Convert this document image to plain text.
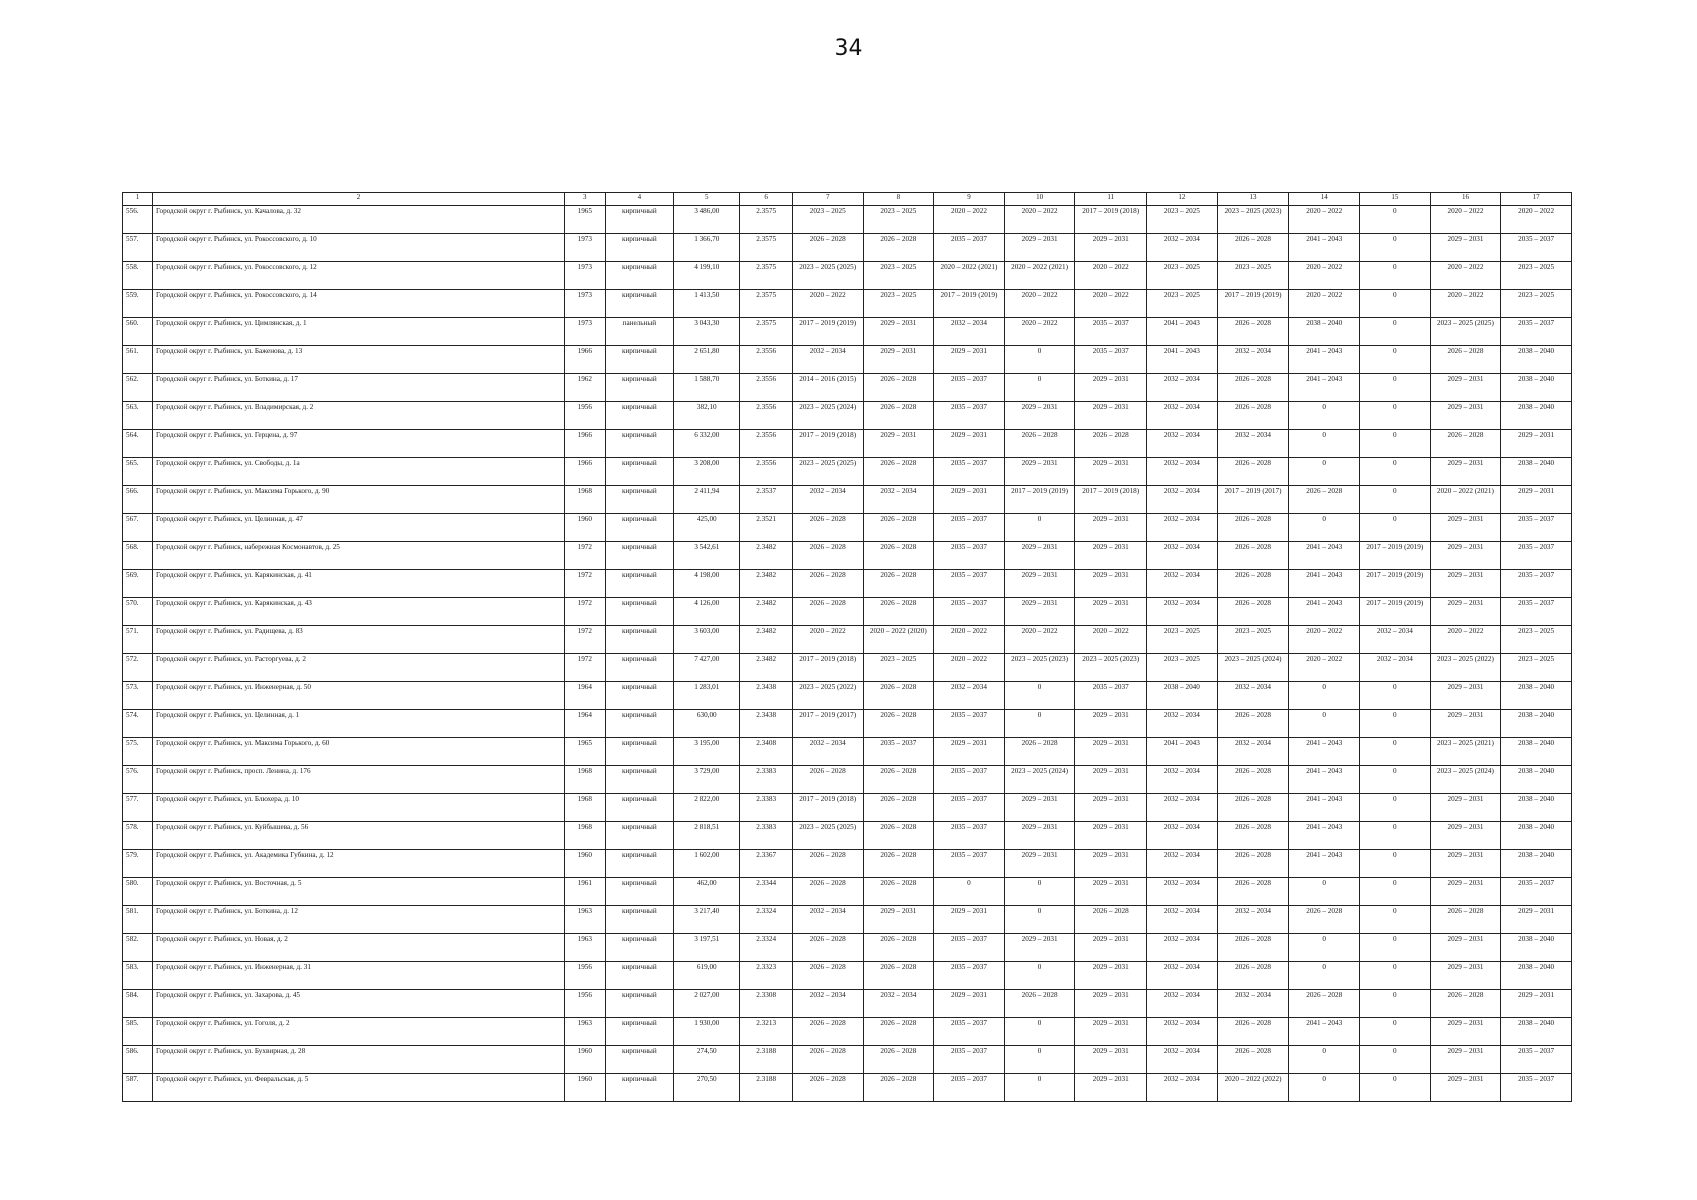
34
1	2	3	4	5	6	7	8	9	10	11	12	13	14	15	16	17
556.	Городской округ г. Рыбинск, ул. Качалова, д. 32	1965	кирпичный	3 486,00	2.3575	2023 – 2025	2023 – 2025	2020 – 2022	2020 – 2022	2017 – 2019 (2018)	2023 – 2025	2023 – 2025 (2023)	2020 – 2022	0	2020 – 2022	2020 – 2022
557.	Городской округ г. Рыбинск, ул. Рокоссовского, д. 10	1973	кирпичный	1 366,70	2.3575	2026 – 2028	2026 – 2028	2035 – 2037	2029 – 2031	2029 – 2031	2032 – 2034	2026 – 2028	2041 – 2043	0	2029 – 2031	2035 – 2037
558.	Городской округ г. Рыбинск, ул. Рокоссовского, д. 12	1973	кирпичный	4 199,10	2.3575	2023 – 2025 (2025)	2023 – 2025	2020 – 2022 (2021)	2020 – 2022 (2021)	2020 – 2022	2023 – 2025	2023 – 2025	2020 – 2022	0	2020 – 2022	2023 – 2025
559.	Городской округ г. Рыбинск, ул. Рокоссовского, д. 14	1973	кирпичный	1 413,50	2.3575	2020 – 2022	2023 – 2025	2017 – 2019 (2019)	2020 – 2022	2020 – 2022	2023 – 2025	2017 – 2019 (2019)	2020 – 2022	0	2020 – 2022	2023 – 2025
560.	Городской округ г. Рыбинск, ул. Цимлянская, д. 1	1973	панельный	3 043,30	2.3575	2017 – 2019 (2019)	2029 – 2031	2032 – 2034	2020 – 2022	2035 – 2037	2041 – 2043	2026 – 2028	2038 – 2040	0	2023 – 2025 (2025)	2035 – 2037
561.	Городской округ г. Рыбинск, ул. Баженова, д. 13	1966	кирпичный	2 651,80	2.3556	2032 – 2034	2029 – 2031	2029 – 2031	0	2035 – 2037	2041 – 2043	2032 – 2034	2041 – 2043	0	2026 – 2028	2038 – 2040
562.	Городской округ г. Рыбинск, ул. Боткина, д. 17	1962	кирпичный	1 588,70	2.3556	2014 – 2016 (2015)	2026 – 2028	2035 – 2037	0	2029 – 2031	2032 – 2034	2026 – 2028	2041 – 2043	0	2029 – 2031	2038 – 2040
563.	Городской округ г. Рыбинск, ул. Владимирская, д. 2	1956	кирпичный	382,10	2.3556	2023 – 2025 (2024)	2026 – 2028	2035 – 2037	2029 – 2031	2029 – 2031	2032 – 2034	2026 – 2028	0	0	2029 – 2031	2038 – 2040
564.	Городской округ г. Рыбинск, ул. Герцена, д. 97	1966	кирпичный	6 332,00	2.3556	2017 – 2019 (2018)	2029 – 2031	2029 – 2031	2026 – 2028	2026 – 2028	2032 – 2034	2032 – 2034	0	0	2026 – 2028	2029 – 2031
565.	Городской округ г. Рыбинск, ул. Свободы, д. 1а	1966	кирпичный	3 208,00	2.3556	2023 – 2025 (2025)	2026 – 2028	2035 – 2037	2029 – 2031	2029 – 2031	2032 – 2034	2026 – 2028	0	0	2029 – 2031	2038 – 2040
566.	Городской округ г. Рыбинск, ул. Максима Горького, д. 90	1968	кирпичный	2 411,94	2.3537	2032 – 2034	2032 – 2034	2029 – 2031	2017 – 2019 (2019)	2017 – 2019 (2018)	2032 – 2034	2017 – 2019 (2017)	2026 – 2028	0	2020 – 2022 (2021)	2029 – 2031
567.	Городской округ г. Рыбинск, ул. Целинная, д. 47	1960	кирпичный	425,00	2.3521	2026 – 2028	2026 – 2028	2035 – 2037	0	2029 – 2031	2032 – 2034	2026 – 2028	0	0	2029 – 2031	2035 – 2037
568.	Городской округ г. Рыбинск, набережная Космонавтов, д. 25	1972	кирпичный	3 542,61	2.3482	2026 – 2028	2026 – 2028	2035 – 2037	2029 – 2031	2029 – 2031	2032 – 2034	2026 – 2028	2041 – 2043	2017 – 2019 (2019)	2029 – 2031	2035 – 2037
569.	Городской округ г. Рыбинск, ул. Карякинская, д. 41	1972	кирпичный	4 198,00	2.3482	2026 – 2028	2026 – 2028	2035 – 2037	2029 – 2031	2029 – 2031	2032 – 2034	2026 – 2028	2041 – 2043	2017 – 2019 (2019)	2029 – 2031	2035 – 2037
570.	Городской округ г. Рыбинск, ул. Карякинская, д. 43	1972	кирпичный	4 126,00	2.3482	2026 – 2028	2026 – 2028	2035 – 2037	2029 – 2031	2029 – 2031	2032 – 2034	2026 – 2028	2041 – 2043	2017 – 2019 (2019)	2029 – 2031	2035 – 2037
571.	Городской округ г. Рыбинск, ул. Радищева, д. 83	1972	кирпичный	3 603,00	2.3482	2020 – 2022	2020 – 2022 (2020)	2020 – 2022	2020 – 2022	2020 – 2022	2023 – 2025	2023 – 2025	2020 – 2022	2032 – 2034	2020 – 2022	2023 – 2025
572.	Городской округ г. Рыбинск, ул. Расторгуева, д. 2	1972	кирпичный	7 427,00	2.3482	2017 – 2019 (2018)	2023 – 2025	2020 – 2022	2023 – 2025 (2023)	2023 – 2025 (2023)	2023 – 2025	2023 – 2025 (2024)	2020 – 2022	2032 – 2034	2023 – 2025 (2022)	2023 – 2025
573.	Городской округ г. Рыбинск, ул. Инженерная, д. 50	1964	кирпичный	1 283,01	2.3438	2023 – 2025 (2022)	2026 – 2028	2032 – 2034	0	2035 – 2037	2038 – 2040	2032 – 2034	0	0	2029 – 2031	2038 – 2040
574.	Городской округ г. Рыбинск, ул. Целинная, д. 1	1964	кирпичный	630,00	2.3438	2017 – 2019 (2017)	2026 – 2028	2035 – 2037	0	2029 – 2031	2032 – 2034	2026 – 2028	0	0	2029 – 2031	2038 – 2040
575.	Городской округ г. Рыбинск, ул. Максима Горького, д. 60	1965	кирпичный	3 195,00	2.3408	2032 – 2034	2035 – 2037	2029 – 2031	2026 – 2028	2029 – 2031	2041 – 2043	2032 – 2034	2041 – 2043	0	2023 – 2025 (2021)	2038 – 2040
576.	Городской округ г. Рыбинск, просп. Ленина, д. 176	1968	кирпичный	3 729,00	2.3383	2026 – 2028	2026 – 2028	2035 – 2037	2023 – 2025 (2024)	2029 – 2031	2032 – 2034	2026 – 2028	2041 – 2043	0	2023 – 2025 (2024)	2038 – 2040
577.	Городской округ г. Рыбинск, ул. Блюхера, д. 10	1968	кирпичный	2 822,00	2.3383	2017 – 2019 (2018)	2026 – 2028	2035 – 2037	2029 – 2031	2029 – 2031	2032 – 2034	2026 – 2028	2041 – 2043	0	2029 – 2031	2038 – 2040
578.	Городской округ г. Рыбинск, ул. Куйбышева, д. 56	1968	кирпичный	2 818,51	2.3383	2023 – 2025 (2025)	2026 – 2028	2035 – 2037	2029 – 2031	2029 – 2031	2032 – 2034	2026 – 2028	2041 – 2043	0	2029 – 2031	2038 – 2040
579.	Городской округ г. Рыбинск, ул. Академика Губкина, д. 12	1960	кирпичный	1 602,00	2.3367	2026 – 2028	2026 – 2028	2035 – 2037	2029 – 2031	2029 – 2031	2032 – 2034	2026 – 2028	2041 – 2043	0	2029 – 2031	2038 – 2040
580.	Городской округ г. Рыбинск, ул. Восточная, д. 5	1961	кирпичный	462,00	2.3344	2026 – 2028	2026 – 2028	0	0	2029 – 2031	2032 – 2034	2026 – 2028	0	0	2029 – 2031	2035 – 2037
581.	Городской округ г. Рыбинск, ул. Боткина, д. 12	1963	кирпичный	3 217,40	2.3324	2032 – 2034	2029 – 2031	2029 – 2031	0	2026 – 2028	2032 – 2034	2032 – 2034	2026 – 2028	0	2026 – 2028	2029 – 2031
582.	Городской округ г. Рыбинск, ул. Новая, д. 2	1963	кирпичный	3 197,51	2.3324	2026 – 2028	2026 – 2028	2035 – 2037	2029 – 2031	2029 – 2031	2032 – 2034	2026 – 2028	0	0	2029 – 2031	2038 – 2040
583.	Городской округ г. Рыбинск, ул. Инженерная, д. 31	1956	кирпичный	619,00	2.3323	2026 – 2028	2026 – 2028	2035 – 2037	0	2029 – 2031	2032 – 2034	2026 – 2028	0	0	2029 – 2031	2038 – 2040
584.	Городской округ г. Рыбинск, ул. Захарова, д. 45	1956	кирпичный	2 027,00	2.3308	2032 – 2034	2032 – 2034	2029 – 2031	2026 – 2028	2029 – 2031	2032 – 2034	2032 – 2034	2026 – 2028	0	2026 – 2028	2029 – 2031
585.	Городской округ г. Рыбинск, ул. Гоголя, д. 2	1963	кирпичный	1 930,00	2.3213	2026 – 2028	2026 – 2028	2035 – 2037	0	2029 – 2031	2032 – 2034	2026 – 2028	2041 – 2043	0	2029 – 2031	2038 – 2040
586.	Городской округ г. Рыбинск, ул. Бухвирная, д. 28	1960	кирпичный	274,50	2.3188	2026 – 2028	2026 – 2028	2035 – 2037	0	2029 – 2031	2032 – 2034	2026 – 2028	0	0	2029 – 2031	2035 – 2037
587.	Городской округ г. Рыбинск, ул. Февральская, д. 5	1960	кирпичный	270,50	2.3188	2026 – 2028	2026 – 2028	2035 – 2037	0	2029 – 2031	2032 – 2034	2020 – 2022 (2022)	0	0	2029 – 2031	2035 – 2037
